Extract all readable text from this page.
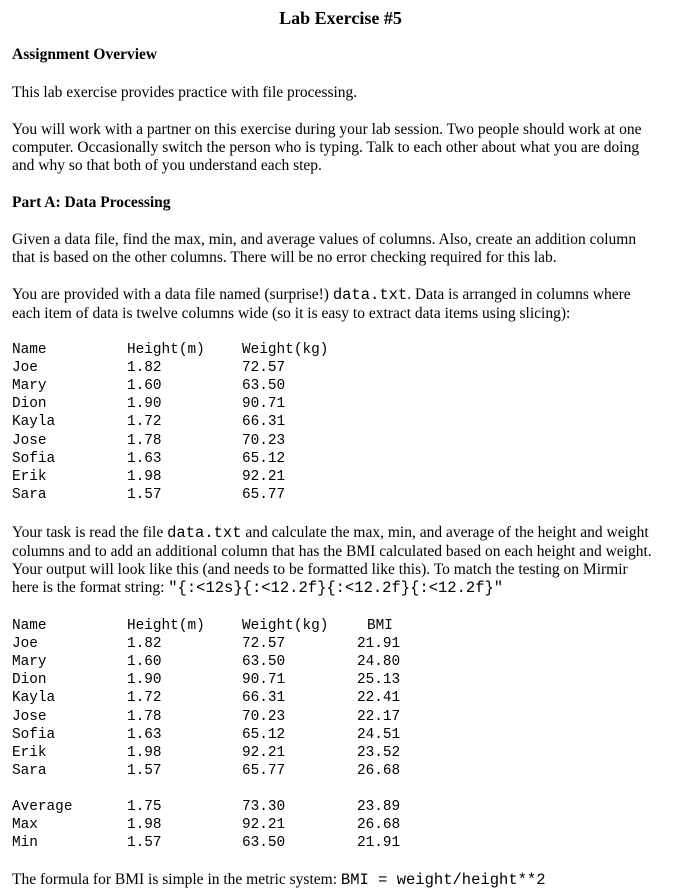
Lab Exercise #5
Assignment Overview
This lab exercise provides practice with file processing.
You will work with a partner on this exercise during your lab session. Two people should work at one
computer. Occasionally switch the person who is typing. Talk to each other about what you are doing
and why so that both of you understand each step.
Part A: Data Processing
Given a data file, find the max, min, and average values of columns. Also, create an addition column
that is based on the other columns. There will be no error checking required for this lab.
You are provided with a data file named (surprise!) data.txt. Data is arranged in columns where
each item of data is twelve columns wide (so it is easy to extract data items using slicing):
Name	Height(m)	Weight(kg)
Joe	1.82	72.57
Mary	1.60	63.50
Dion	1.90	90.71
Kayla	1.72	66.31
Jose	1.78	70.23
Sofia	1.63	65.12
Erik	1.98	92.21
Sara	1.57	65.77
Your task is read the file data.txt and calculate the max, min, and average of the height and weight
columns and to add an additional column that has the BMI calculated based on each height and weight.
Your output will look like this (and needs to be formatted like this). To match the testing on Mirmir
here is the format string: "{:<12s}{:<12.2f}{:<12.2f}{:<12.2f}"
Name	Height(m)	Weight(kg)	BMI
Joe	1.82	72.57	21.91
Mary	1.60	63.50	24.80
Dion	1.90	90.71	25.13
Kayla	1.72	66.31	22.41
Jose	1.78	70.23	22.17
Sofia	1.63	65.12	24.51
Erik	1.98	92.21	23.52
Sara	1.57	65.77	26.68
Average	1.75	73.30	23.89
Max	1.98	92.21	26.68
Min	1.57	63.50	21.91
The formula for BMI is simple in the metric system: BMI = weight/height**2
